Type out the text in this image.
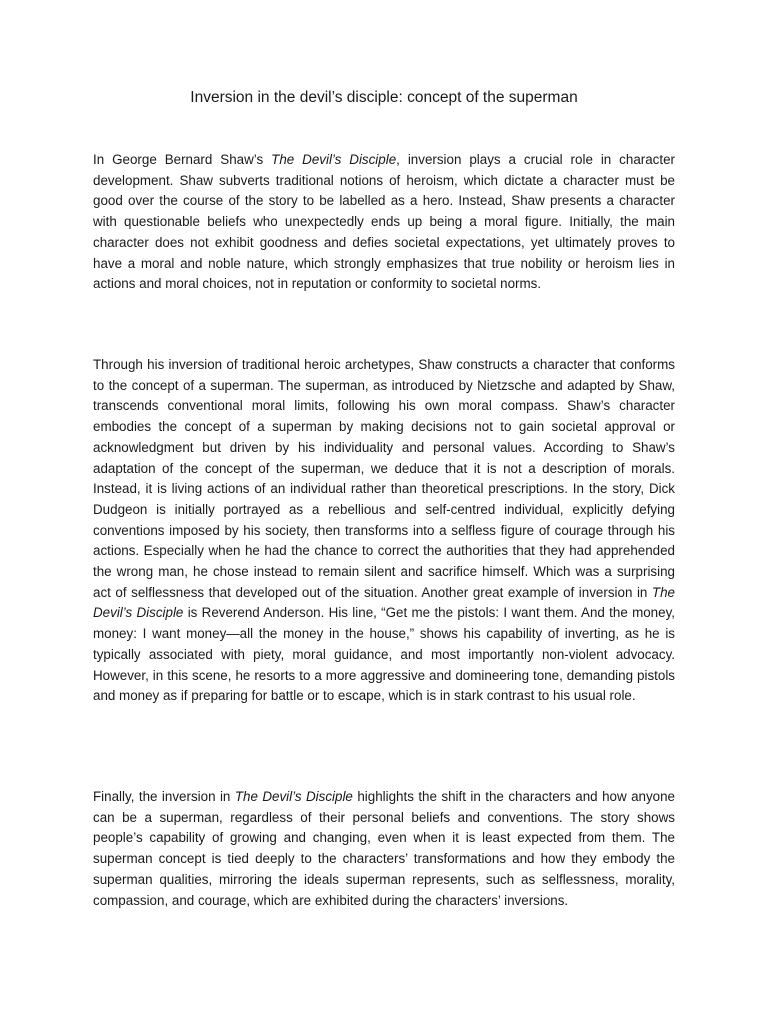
Inversion in the devil’s disciple: concept of the superman

In George Bernard Shaw’s The Devil’s Disciple, inversion plays a crucial role in character development. Shaw subverts traditional notions of heroism, which dictate a character must be good over the course of the story to be labelled as a hero. Instead, Shaw presents a character with questionable beliefs who unexpectedly ends up being a moral figure. Initially, the main character does not exhibit goodness and defies societal expectations, yet ultimately proves to have a moral and noble nature, which strongly emphasizes that true nobility or heroism lies in actions and moral choices, not in reputation or conformity to societal norms.

Through his inversion of traditional heroic archetypes, Shaw constructs a character that conforms to the concept of a superman. The superman, as introduced by Nietzsche and adapted by Shaw, transcends conventional moral limits, following his own moral compass. Shaw’s character embodies the concept of a superman by making decisions not to gain societal approval or acknowledgment but driven by his individuality and personal values. According to Shaw’s adaptation of the concept of the superman, we deduce that it is not a description of morals. Instead, it is living actions of an individual rather than theoretical prescriptions. In the story, Dick Dudgeon is initially portrayed as a rebellious and self-centred individual, explicitly defying conventions imposed by his society, then transforms into a selfless figure of courage through his actions. Especially when he had the chance to correct the authorities that they had apprehended the wrong man, he chose instead to remain silent and sacrifice himself. Which was a surprising act of selflessness that developed out of the situation. Another great example of inversion in The Devil’s Disciple is Reverend Anderson. His line, “Get me the pistols: I want them. And the money, money: I want money—all the money in the house,” shows his capability of inverting, as he is typically associated with piety, moral guidance, and most importantly non-violent advocacy. However, in this scene, he resorts to a more aggressive and domineering tone, demanding pistols and money as if preparing for battle or to escape, which is in stark contrast to his usual role.

Finally, the inversion in The Devil’s Disciple highlights the shift in the characters and how anyone can be a superman, regardless of their personal beliefs and conventions. The story shows people’s capability of growing and changing, even when it is least expected from them. The superman concept is tied deeply to the characters’ transformations and how they embody the superman qualities, mirroring the ideals superman represents, such as selflessness, morality, compassion, and courage, which are exhibited during the characters’ inversions.
